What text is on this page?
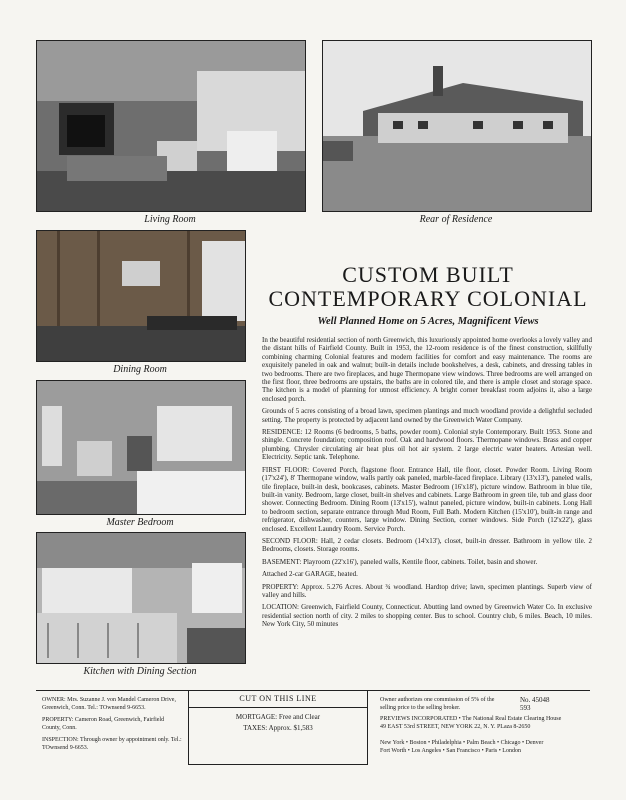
Living Room	Rear of Residence
Dining Room
Master Bedroom
Kitchen with Dining Section
CUSTOM BUILT
CONTEMPORARY COLONIAL
Well Planned Home on 5 Acres, Magnificent Views

In the beautiful residential section of north Greenwich, this luxuriously appointed home overlooks a lovely valley and the distant hills of Fairfield County. Built in 1953, the 12-room residence is of the finest construction, skillfully combining charming Colonial features and modern facilities for comfort and easy maintenance. The rooms are exquisitely paneled in oak and walnut; built-in details include bookshelves, a desk, cabinets, and dressing tables in two bedrooms. There are two fireplaces, and huge Thermopane view windows. Three bedrooms are well arranged on the first floor, three bedrooms are upstairs, the baths are in colored tile, and there is ample closet and storage space. The kitchen is a model of planning for utmost efficiency. A bright corner breakfast room adjoins it, also a large enclosed porch.

Grounds of 5 acres consisting of a broad lawn, specimen plantings and much woodland provide a delightful secluded setting. The property is protected by adjacent land owned by the Greenwich Water Company.

RESIDENCE: 12 Rooms (6 bedrooms, 5 baths, powder room). Colonial style Contemporary. Built 1953. Stone and shingle. Concrete foundation; composition roof. Oak and hardwood floors. Thermopane windows. Brass and copper plumbing. Chrysler circulating air heat plus oil hot air system. 2 large electric water heaters. Artesian well. Electricity. Septic tank. Telephone.

FIRST FLOOR: Covered Porch, flagstone floor. Entrance Hall, tile floor, closet. Powder Room. Living Room (17'x24'), 8' Thermopane window, walls partly oak paneled, marble-faced fireplace. Library (13'x13'), paneled walls, tile fireplace, built-in desk, bookcases, cabinets. Master Bedroom (16'x18'), picture window. Bathroom in blue tile, built-in vanity. Bedroom, large closet, built-in shelves and cabinets. Large Bathroom in green tile, tub and glass door shower. Connecting Bedroom. Dining Room (13'x15'), walnut paneled, picture window, built-in cabinets. Long Hall to bedroom section, separate entrance through Mud Room, Full Bath. Modern Kitchen (15'x10'), built-in range and refrigerator, dishwasher, counters, large window. Dining Section, corner windows. Side Porch (12'x22'), glass enclosed. Excellent Laundry Room. Service Porch.

SECOND FLOOR: Hall, 2 cedar closets. Bedroom (14'x13'), closet, built-in dresser. Bathroom in yellow tile. 2 Bedrooms, closets. Storage rooms.

BASEMENT: Playroom (22'x16'), paneled walls, Kentile floor, cabinets. Toilet, basin and shower.

Attached 2-car GARAGE, heated.

PROPERTY: Approx. 5.276 Acres. About ¾ woodland. Hardtop drive; lawn, specimen plantings. Superb view of valley and hills.

LOCATION: Greenwich, Fairfield County, Connecticut. Abutting land owned by Greenwich Water Co. In exclusive residential section north of city. 2 miles to shopping center. Bus to school. Country club, 6 miles. Beach, 10 miles. New York City, 50 minutes

OWNER: Mrs. Suzanne J. von Mandel Cameron Drive, Greenwich, Conn. Tel.: TOwnsend 9-6653.

PROPERTY: Cameron Road, Greenwich, Fairfield County, Conn.

INSPECTION: Through owner by appointment only. Tel.: TOwnsend 9-6653.

CUT ON THIS LINE
MORTGAGE: Free and Clear
TAXES: Approx. $1,583
Owner authorizes one commission of 5% of the selling price to the selling broker.
No. 45048
593
PREVIEWS INCORPORATED • The National Real Estate Clearing House
49 EAST 53rd STREET, NEW YORK 22, N. Y. PLaza 8-2650
New York • Boston • Philadelphia • Palm Beach • Chicago • Denver
Fort Worth • Los Angeles • San Francisco • Paris • London
